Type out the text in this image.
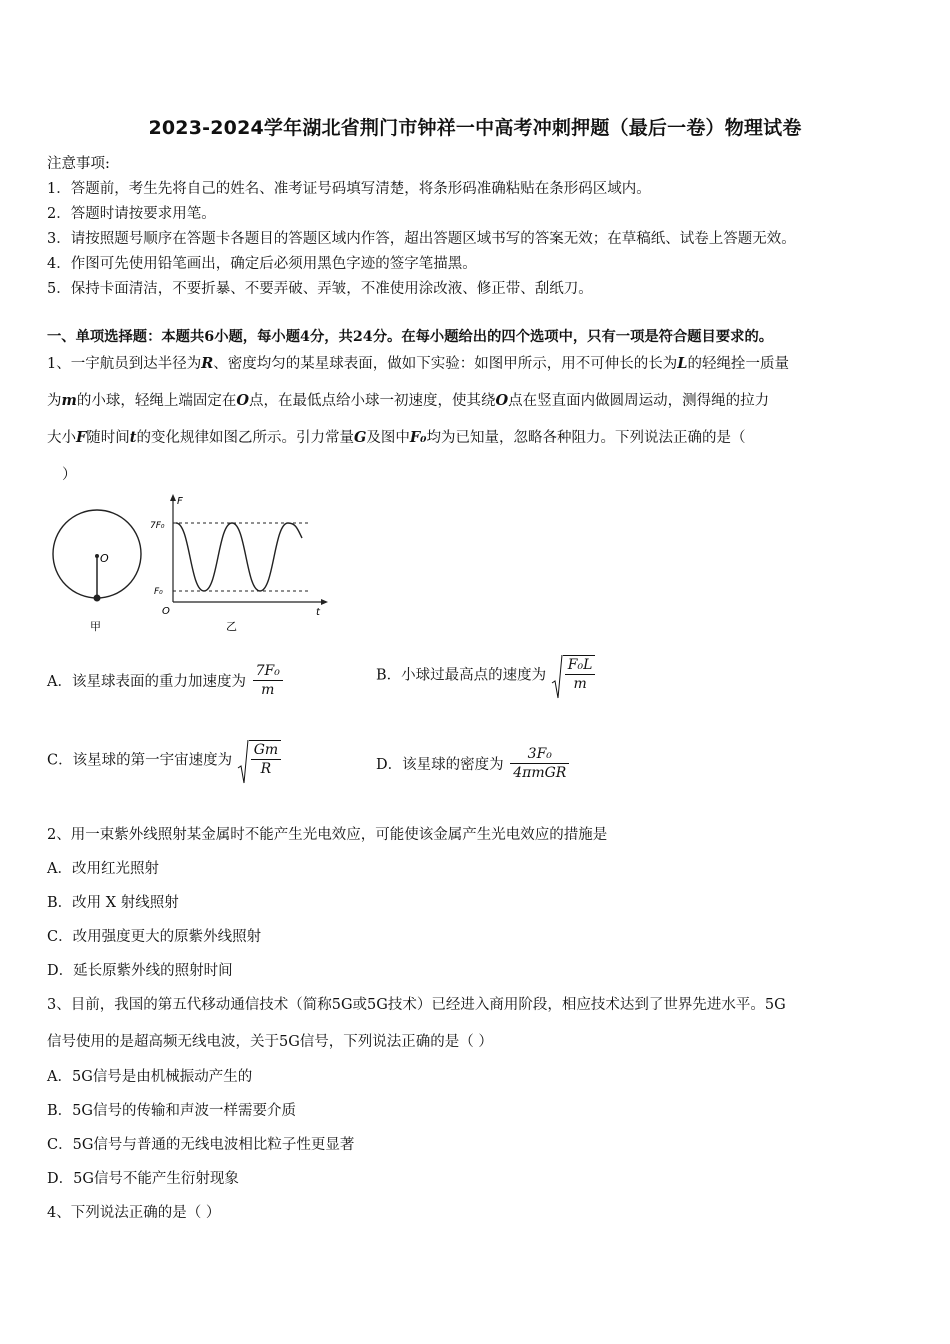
2023-2024学年湖北省荆门市钟祥一中高考冲刺押题（最后一卷）物理试卷
注意事项:
1．答题前，考生先将自己的姓名、准考证号码填写清楚，将条形码准确粘贴在条形码区域内。
2．答题时请按要求用笔。
3．请按照题号顺序在答题卡各题目的答题区域内作答，超出答题区域书写的答案无效；在草稿纸、试卷上答题无效。
4．作图可先使用铅笔画出，确定后必须用黑色字迹的签字笔描黑。
5．保持卡面清洁，不要折暴、不要弄破、弄皱，不准使用涂改液、修正带、刮纸刀。
一、单项选择题：本题共6小题，每小题4分，共24分。在每小题给出的四个选项中，只有一项是符合题目要求的。
1、一宇航员到达半径为R、密度均匀的某星球表面，做如下实验：如图甲所示，用不可伸长的长为L的轻绳拴一质量
为m的小球，轻绳上端固定在O点，在最低点给小球一初速度，使其绕O点在竖直面内做圆周运动，测得绳的拉力
大小F随时间t的变化规律如图乙所示。引力常量G及图中F₀均为已知量，忽略各种阻力。下列说法正确的是（
）
O
甲
F
t
O
7F₀
F₀
乙
A．该星球表面的重力加速度为 $\frac{\text{7F₀}}{m}$	B．小球过最高点的速度为 $\frac{\text{F₀L}}{m}$
C．该星球的第一宇宙速度为 $\frac{Gm}{R}$	D．该星球的密度为 $\frac{\text{3F₀}}{\text{4πmGR}}$
2、用一束紫外线照射某金属时不能产生光电效应，可能使该金属产生光电效应的措施是
A．改用红光照射
B．改用 X 射线照射
C．改用强度更大的原紫外线照射
D．延长原紫外线的照射时间
3、目前，我国的第五代移动通信技术（简称5G或5G技术）已经进入商用阶段，相应技术达到了世界先进水平。5G
信号使用的是超高频无线电波，关于5G信号，下列说法正确的是（ ）
A．5G信号是由机械振动产生的
B．5G信号的传输和声波一样需要介质
C．5G信号与普通的无线电波相比粒子性更显著
D．5G信号不能产生衍射现象
4、下列说法正确的是（ ）
